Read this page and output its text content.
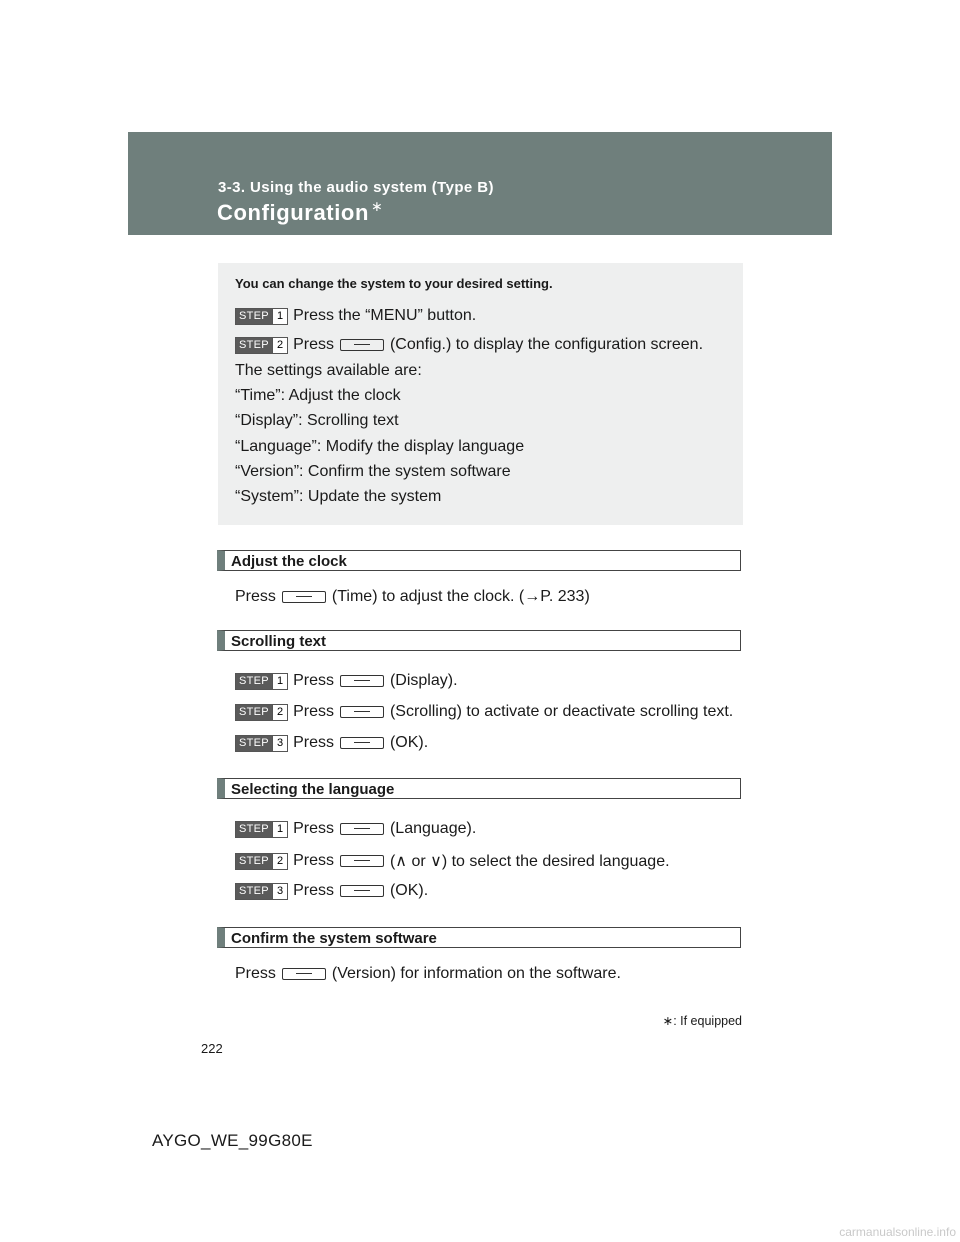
3-3. Using the audio system (Type B)
Configuration ∗
You can change the system to your desired setting.
STEP 1 Press the “MENU” button.
STEP 2 Press	(Config.) to display the configuration screen.
The settings available are:
“Time”: Adjust the clock
“Display”: Scrolling text
“Language”: Modify the display language
“Version”: Confirm the system software
“System”: Update the system
Adjust the clock
Press	(Time) to adjust the clock. (→P. 233)
Scrolling text
STEP 1 Press	(Display).
STEP 2 Press	(Scrolling) to activate or deactivate scrolling text.
STEP 3 Press	(OK).
Selecting the language
STEP 1 Press	(Language).
STEP 2 Press	(∧ or ∨) to select the desired language.
STEP 3 Press	(OK).
Confirm the system software
Press	(Version) for information on the software.
∗: If equipped
222
AYGO_WE_99G80E
carmanualsonline.info
